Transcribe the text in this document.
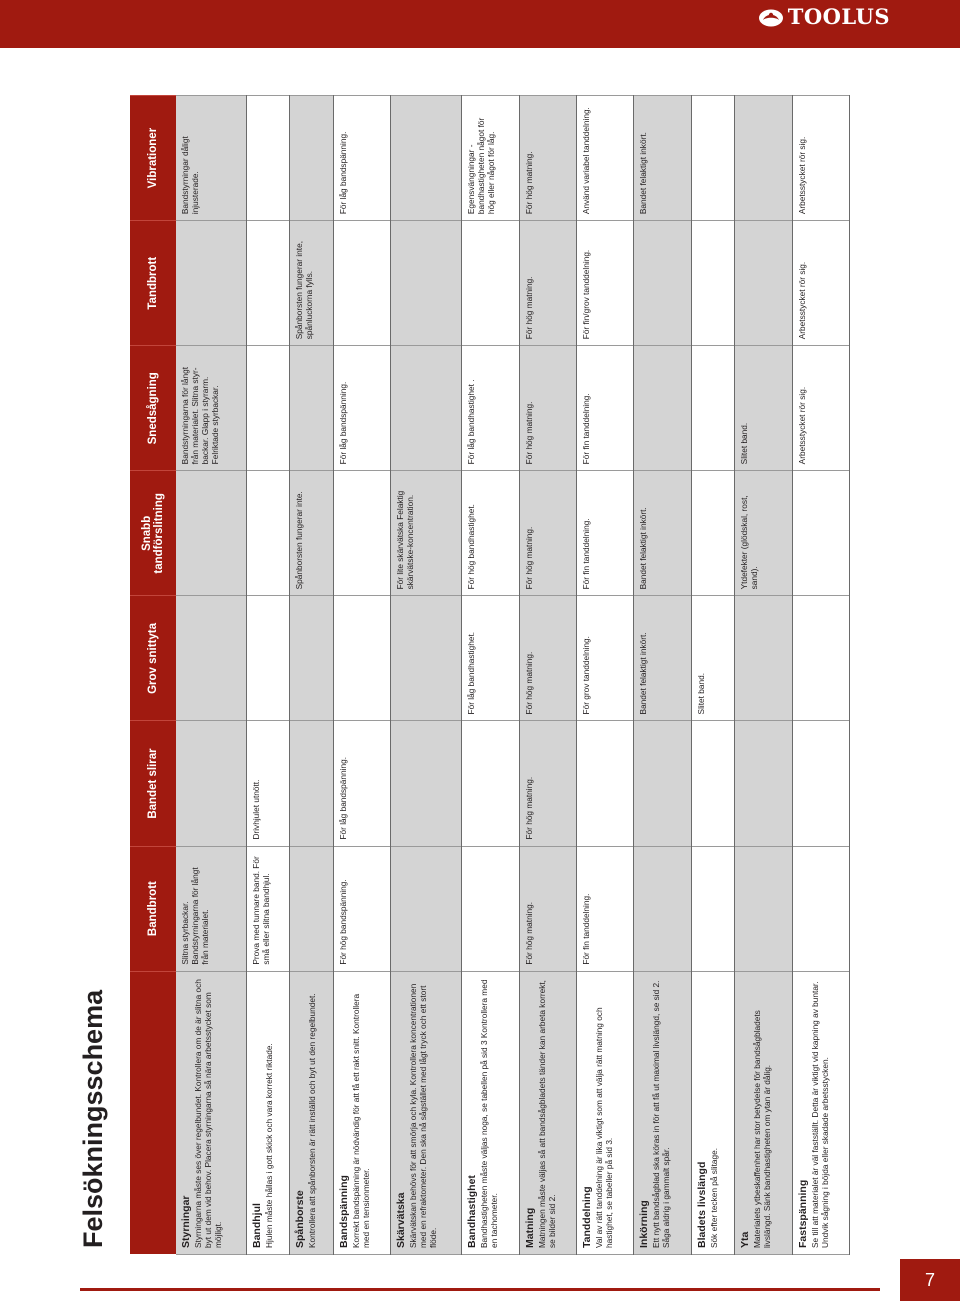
TOOLUS
Felsökningsschema
	Bandbrott	Bandet slirar	Grov snittyta	Snabb tandförslitning	Snedsågning	Tandbrott	Vibrationer

Styrningar Styrningarna måste ses över regelbundet. Kontrollera om de är slitna och byt ut dem vid behov. Placera styrningarna så nära arbetsstycket som möjligt.	Slitna styrbackar. Bandstyrningarna för långt från materialet.				Bandstyrningarna för långt från materialet. Slitna styr-backar. Glapp i styrarm. Felriktade styrbackar.		Bandstyrningar dåligt injusterade.

Bandhjul Hjulen måste hållas i gott skick och vara korrekt riktade.	Prova med tunnare band. För små eller slitna bandhjul.	Drivhjulet utnött.					

Spånborste Kontrollera att spånborsten är rätt inställd och byt ut den regelbundet.				Spånborsten fungerar inte.		Spånborsten fungerar inte, spånluckorna fylls.	

Bandspänning Korrekt bandspänning är nödvändig för att få ett rakt snitt. Kontrollera med en tensionmeter.	För hög bandspänning.	För låg bandspänning.			För låg bandspänning.		För låg bandspänning.

Skärvätska Skärvätskan behövs för att smörja och kyla. Kontrollera koncentrationen med en refraktometer. Den ska nå sågstället med lågt tryck och ett stort flöde.				För lite skärvätska Felaktig skärvätske-koncentration.			

Bandhastighet Bandhastigheten måste väljas noga, se tabellen på sid 3 Kontrollera med en tachometer.			För låg bandhastighet.	För hög bandhastighet.	För låg bandhastighet .		Egensvängningar - bandhastigheten något för hög eller något för låg.

Matning Matningen måste väljas så att bandsågbladets tänder kan arbeta korrekt, se bilder sid 2.	För hög matning.	För hög matning.	För hög matning.	För hög matning.	För hög matning.	För hög matning.	För hög matning.

Tanddelning Val av rätt tanddelning är lika viktigt som att välja rätt matning och hastighet, se tabeller på sid 3.	För fin tanddelning.		För grov tanddelning.	För fin tanddelning.	För fin tanddelning.	För fin/grov tanddelning.	Använd variabel tanddelning.

Inkörning Ett nytt bandsågblad ska köras in för att få ut maximal livslängd, se sid 2. Såga aldrig i gammalt spår.			Bandet felaktigt inkört.	Bandet felaktigt inkört.			Bandet felaktigt inkört.

Bladets livslängd Sök efter tecken på slitage.			Slitet band.				

Yta Materialets ytbeskaffenhet har stor betydelse för bandsågbladets livslängd. Sänk bandhastigheten om ytan är dålig.				Ytdefekter (glödskal, rost, sand).	Slitet band.		

Fastspänning Se till att materialet är väl fastställt. Detta är viktigt vid kapning av buntar. Undvik sågning i böjda eller skadade arbetsstycken.					Arbetsstycket rör sig.	Arbetsstycket rör sig.	Arbetsstycket rör sig.
7
